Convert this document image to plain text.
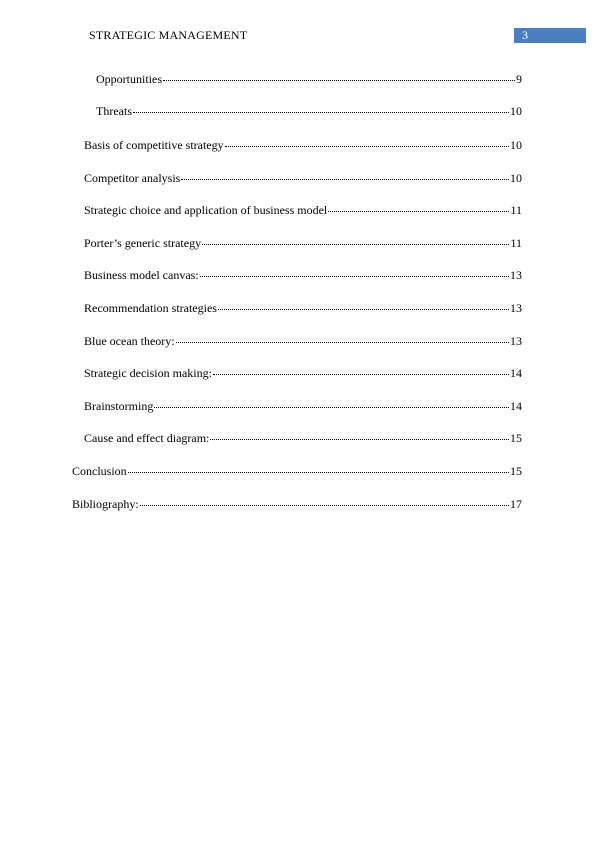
STRATEGIC MANAGEMENT	3
Opportunities	9
Threats	10
Basis of competitive strategy	10
Competitor analysis	10
Strategic choice and application of business model	11
Porter’s generic strategy	11
Business model canvas:	13
Recommendation strategies	13
Blue ocean theory:	13
Strategic decision making:	14
Brainstorming	14
Cause and effect diagram:	15
Conclusion	15
Bibliography:	17
